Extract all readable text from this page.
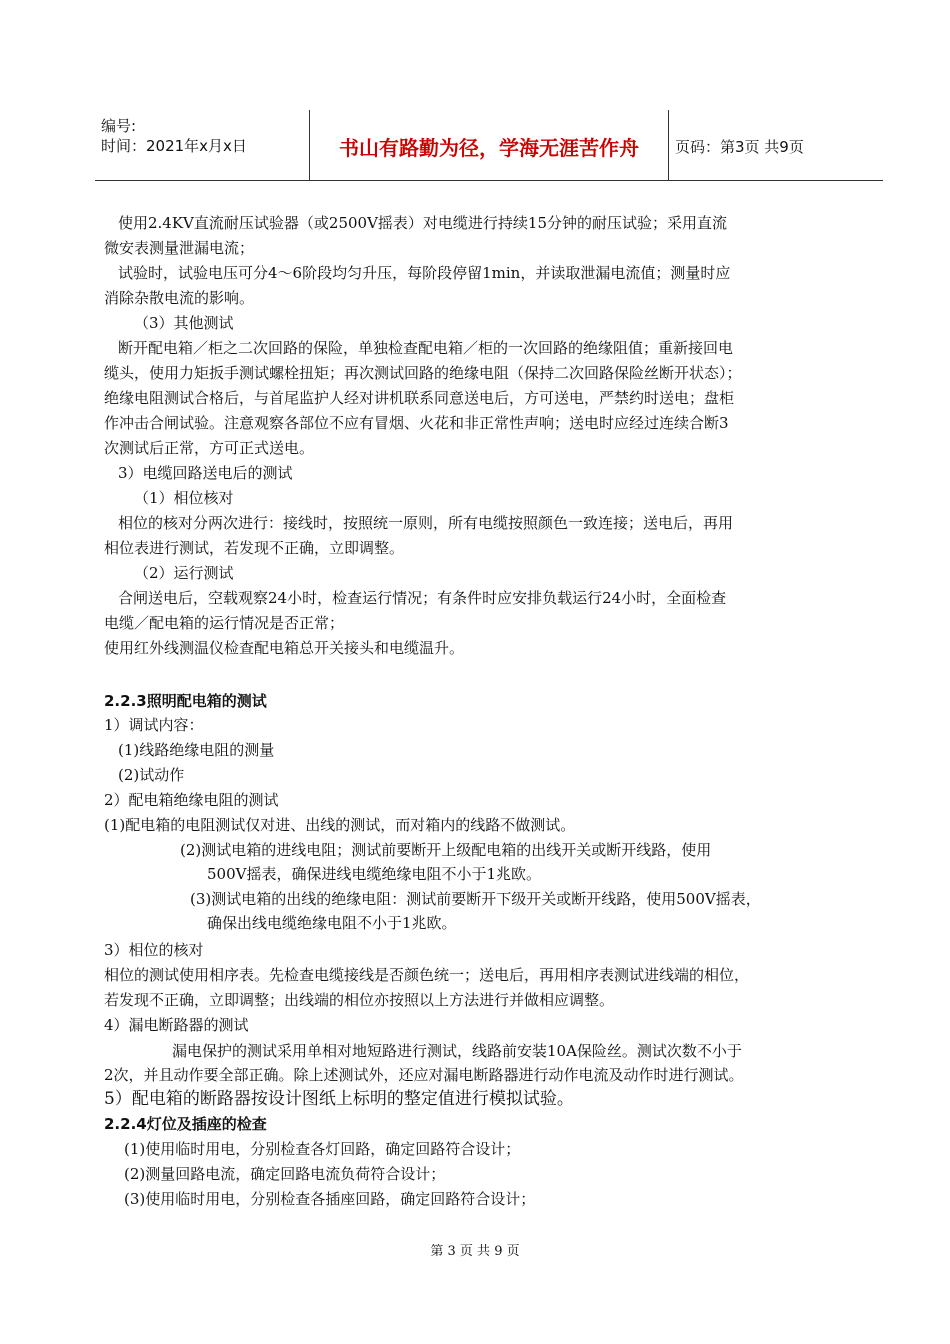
编号:
时间：2021年x月x日	书山有路勤为径，学海无涯苦作舟	页码：第3页 共9页
使用2.4KV直流耐压试验器（或2500V摇表）对电缆进行持续15分钟的耐压试验；采用直流
微安表测量泄漏电流；
试验时，试验电压可分4～6阶段均匀升压，每阶段停留1min，并读取泄漏电流值；测量时应
消除杂散电流的影响。
（3）其他测试
断开配电箱／柜之二次回路的保险，单独检查配电箱／柜的一次回路的绝缘阻值；重新接回电
缆头，使用力矩扳手测试螺栓扭矩；再次测试回路的绝缘电阻（保持二次回路保险丝断开状态）；
绝缘电阻测试合格后，与首尾监护人经对讲机联系同意送电后，方可送电，严禁约时送电；盘柜
作冲击合闸试验。注意观察各部位不应有冒烟、火花和非正常性声响；送电时应经过连续合断3
次测试后正常，方可正式送电。
3）电缆回路送电后的测试
（1）相位核对
相位的核对分两次进行：接线时，按照统一原则，所有电缆按照颜色一致连接；送电后，再用
相位表进行测试，若发现不正确，立即调整。
（2）运行测试
合闸送电后，空载观察24小时，检查运行情况；有条件时应安排负载运行24小时，全面检查
电缆／配电箱的运行情况是否正常；
使用红外线测温仪检查配电箱总开关接头和电缆温升。
2.2.3照明配电箱的测试
1）调试内容：
(1)线路绝缘电阻的测量
(2)试动作
2）配电箱绝缘电阻的测试
(1)配电箱的电阻测试仅对进、出线的测试，而对箱内的线路不做测试。
(2)测试电箱的进线电阻；测试前要断开上级配电箱的出线开关或断开线路，使用
500V摇表，确保进线电缆绝缘电阻不小于1兆欧。
(3)测试电箱的出线的绝缘电阻：测试前要断开下级开关或断开线路，使用500V摇表，
确保出线电缆绝缘电阻不小于1兆欧。
3）相位的核对
相位的测试使用相序表。先检查电缆接线是否颜色统一；送电后，再用相序表测试进线端的相位，
若发现不正确，立即调整；出线端的相位亦按照以上方法进行并做相应调整。
4）漏电断路器的测试
漏电保护的测试采用单相对地短路进行测试，线路前安装10A保险丝。测试次数不小于
2次，并且动作要全部正确。除上述测试外，还应对漏电断路器进行动作电流及动作时进行测试。
5）配电箱的断路器按设计图纸上标明的整定值进行模拟试验。
2.2.4灯位及插座的检查
(1)使用临时用电，分别检查各灯回路，确定回路符合设计；
(2)测量回路电流，确定回路电流负荷符合设计；
(3)使用临时用电，分别检查各插座回路，确定回路符合设计；
第 3 页 共 9 页
